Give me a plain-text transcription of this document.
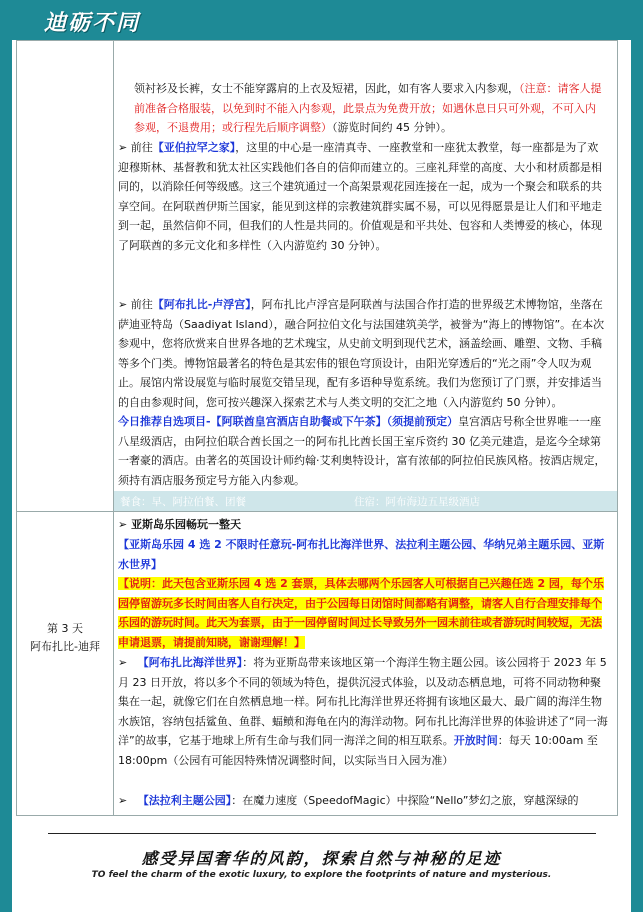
迪砺不同
领衬衫及长裤，女士不能穿露肩的上衣及短裙，因此，如有客人要求入内参观，（注意：请客人提前准备合格服装，以免到时不能入内参观，此景点为免费开放；如遇休息日只可外观，不可入内参观，不退费用；或行程先后顺序调整）（游览时间约 45 分钟）。
➢ 前往【亚伯拉罕之家】，这里的中心是一座清真寺、一座教堂和一座犹太教堂，每一座都是为了欢迎穆斯林、基督教和犹太社区实践他们各自的信仰而建立的。三座礼拜堂的高度、大小和材质都是相同的，以消除任何等级感。这三个建筑通过一个高架景观花园连接在一起，成为一个聚会和联系的共享空间。在阿联酋伊斯兰国家，能见到这样的宗教建筑群实属不易，可以见得愿景是让人们和平地走到一起，虽然信仰不同，但我们的人性是共同的。价值观是和平共处、包容和人类博爱的核心，体现了阿联酋的多元文化和多样性（入内游览约 30 分钟）。
➢ 前往【阿布扎比-卢浮宫】，阿布扎比卢浮宫是阿联酋与法国合作打造的世界级艺术博物馆，坐落在萨迪亚特岛（Saadiyat Island），融合阿拉伯文化与法国建筑美学，被誉为“海上的博物馆”。在本次参观中，您将欣赏来自世界各地的艺术瑰宝，从史前文明到现代艺术，涵盖绘画、雕塑、文物、手稿等多个门类。博物馆最著名的特色是其宏伟的银色穹顶设计，由阳光穿透后的“光之雨”令人叹为观止。展馆内常设展览与临时展览交错呈现，配有多语种导览系统。我们为您预订了门票，并安排适当的自由参观时间，您可按兴趣深入探索艺术与人类文明的交汇之地（入内游览约 50 分钟）。
今日推荐自选项目-【阿联酋皇宫酒店自助餐或下午茶】（须提前预定）皇宫酒店号称全世界唯一一座八星级酒店，由阿拉伯联合酋长国之一的阿布扎比酋长国王室斥资约 30 亿美元建造，是迄今全球第一奢豪的酒店。由著名的英国设计师约翰·艾利奥特设计，富有浓郁的阿拉伯民族风格。按酒店规定，须持有酒店服务预定号方能入内参观。
餐食：早、阿拉伯餐、团餐	住宿：阿布海边五星级酒店
第 3 天
阿布扎比-迪拜
➢ 亚斯岛乐园畅玩一整天
【亚斯岛乐园 4 选 2 不限时任意玩-阿布扎比海洋世界、法拉利主题公园、华纳兄弟主题乐园、亚斯水世界】
【说明：此天包含亚斯乐园 4 选 2 套票，具体去哪两个乐园客人可根据自己兴趣任选 2 园，每个乐园停留游玩多长时间由客人自行决定，由于公园每日闭馆时间都略有调整，请客人自行合理安排每个乐园的游玩时间。此天为套票，由于一园停留时间过长导致另外一园未前往或者游玩时间较短，无法申请退票，请提前知晓，谢谢理解！】
➢ 【阿布扎比海洋世界】：将为亚斯岛带来该地区第一个海洋生物主题公园。该公园将于 2023 年 5 月 23 日开放，将以多个不同的领域为特色，提供沉浸式体验，以及动态栖息地，可将不同动物种聚集在一起，就像它们在自然栖息地一样。阿布扎比海洋世界还将拥有该地区最大、最广阔的海洋生物水族馆，容纳包括鲨鱼、鱼群、蝠鲼和海龟在内的海洋动物。阿布扎比海洋世界的体验讲述了“同一海洋”的故事，它基于地球上所有生命与我们同一海洋之间的相互联系。开放时间：每天 10:00am 至 18:00pm（公园有可能因特殊情况调整时间，以实际当日入园为准）
➢ 【法拉利主题公园】：在魔力速度（SpeedofMagic）中探险“Nello”梦幻之旅，穿越深绿的
感受异国奢华的风韵，探索自然与神秘的足迹
TO feel the charm of the exotic luxury, to explore the footprints of nature and mysterious.
